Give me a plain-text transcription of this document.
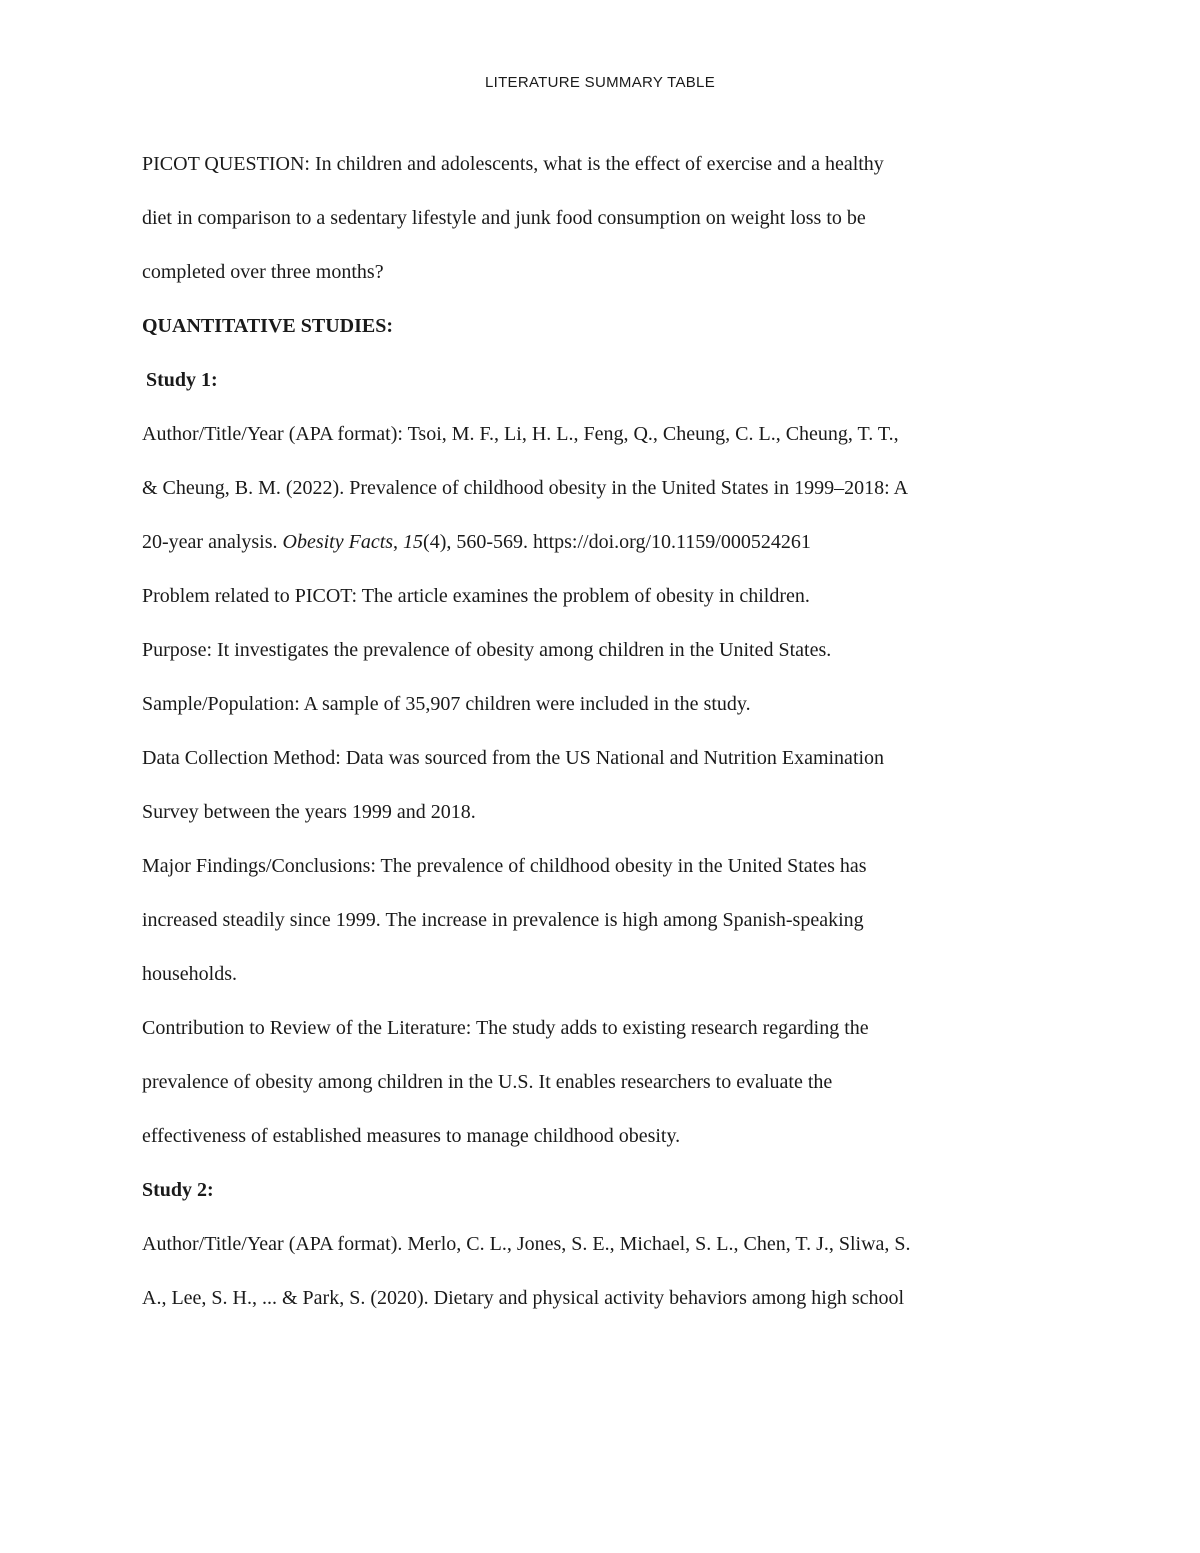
LITERATURE SUMMARY TABLE
PICOT QUESTION: In children and adolescents, what is the effect of exercise and a healthy
diet in comparison to a sedentary lifestyle and junk food consumption on weight loss to be
completed over three months?
QUANTITATIVE STUDIES:
Study 1:
Author/Title/Year (APA format): Tsoi, M. F., Li, H. L., Feng, Q., Cheung, C. L., Cheung, T. T.,
& Cheung, B. M. (2022). Prevalence of childhood obesity in the United States in 1999–2018: A
20-year analysis. Obesity Facts, 15(4), 560-569. https://doi.org/10.1159/000524261
Problem related to PICOT: The article examines the problem of obesity in children.
Purpose: It investigates the prevalence of obesity among children in the United States.
Sample/Population: A sample of 35,907 children were included in the study.
Data Collection Method: Data was sourced from the US National and Nutrition Examination
Survey between the years 1999 and 2018.
Major Findings/Conclusions: The prevalence of childhood obesity in the United States has
increased steadily since 1999. The increase in prevalence is high among Spanish-speaking
households.
Contribution to Review of the Literature: The study adds to existing research regarding the
prevalence of obesity among children in the U.S. It enables researchers to evaluate the
effectiveness of established measures to manage childhood obesity.
Study 2:
Author/Title/Year (APA format). Merlo, C. L., Jones, S. E., Michael, S. L., Chen, T. J., Sliwa, S.
A., Lee, S. H., ... & Park, S. (2020). Dietary and physical activity behaviors among high school
